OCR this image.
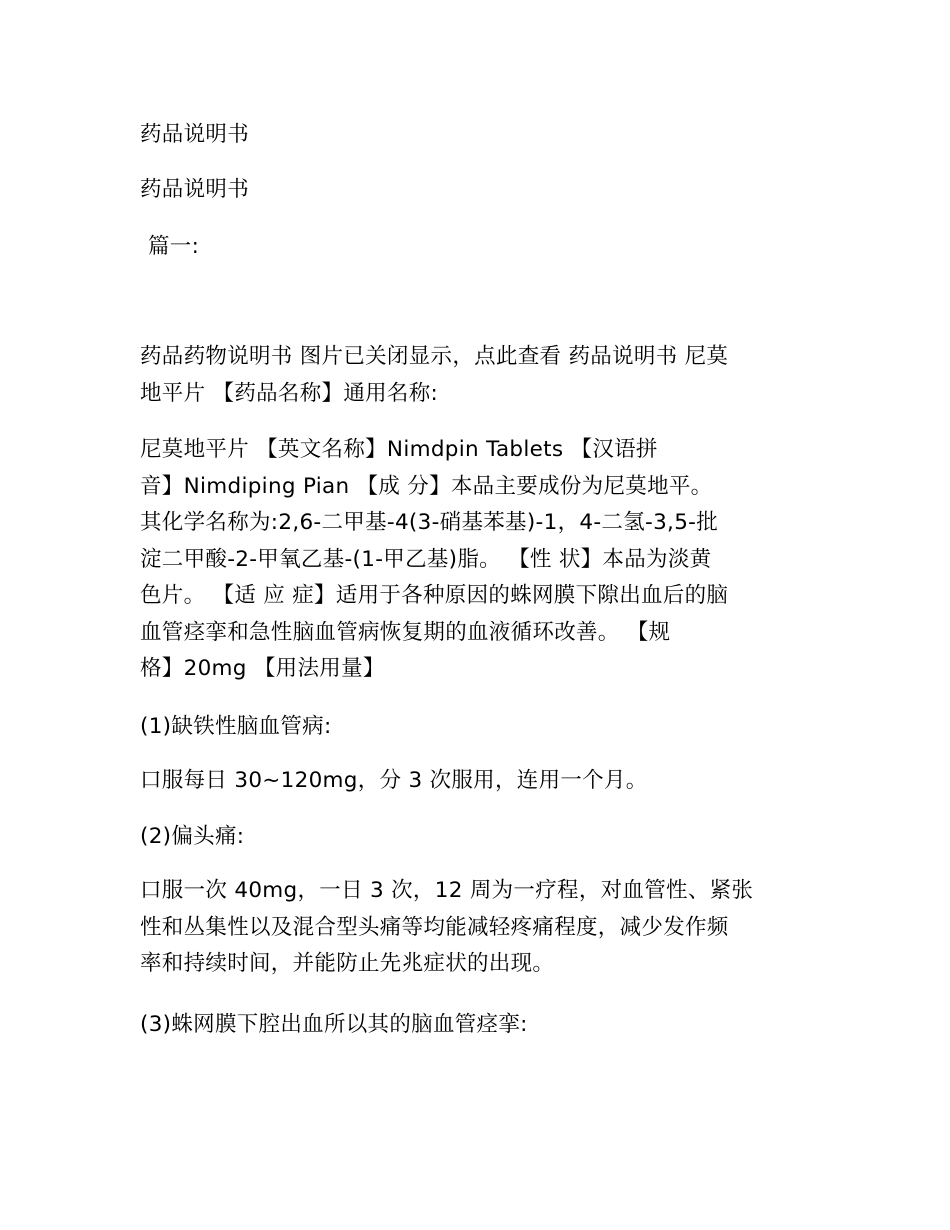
药品说明书
药品说明书
篇一:
药品药物说明书 图片已关闭显示，点此查看 药品说明书 尼莫
地平片 【药品名称】通用名称:
尼莫地平片 【英文名称】Nimdpin Tablets 【汉语拼
音】Nimdiping Pian 【成 分】本品主要成份为尼莫地平。
其化学名称为:2,6-二甲基-4(3-硝基苯基)-1，4-二氢-3,5-批
淀二甲酸-2-甲氧乙基-(1-甲乙基)脂。 【性 状】本品为淡黄
色片。 【适 应 症】适用于各种原因的蛛网膜下隙出血后的脑
血管痉挛和急性脑血管病恢复期的血液循环改善。 【规
格】20mg 【用法用量】
(1)缺铁性脑血管病:
口服每日 30~120mg，分 3 次服用，连用一个月。
(2)偏头痛:
口服一次 40mg，一日 3 次，12 周为一疗程，对血管性、紧张
性和丛集性以及混合型头痛等均能减轻疼痛程度，减少发作频
率和持续时间，并能防止先兆症状的出现。
(3)蛛网膜下腔出血所以其的脑血管痉挛:
